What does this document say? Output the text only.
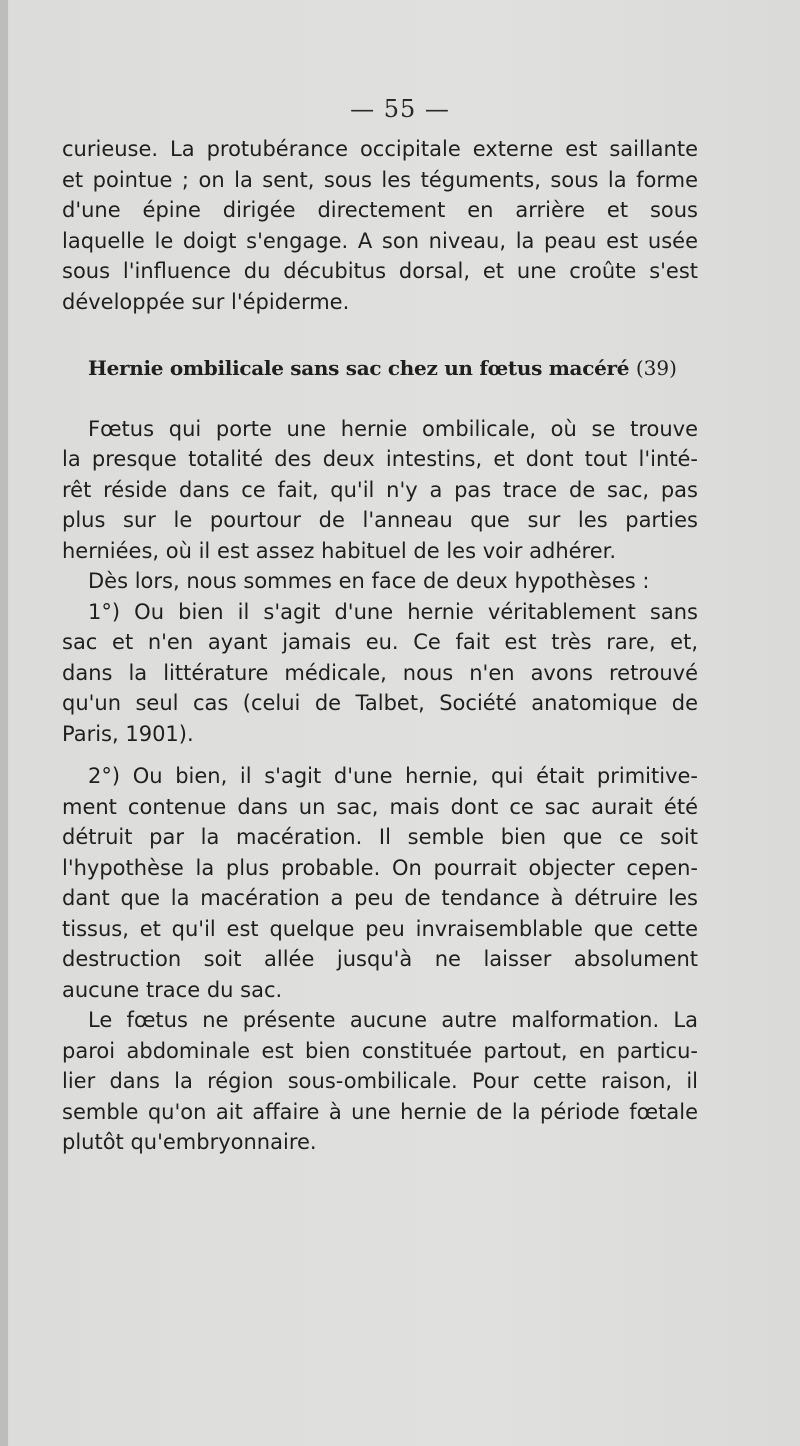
— 55 —
curieuse. La protubérance occipitale externe est saillante
et pointue ; on la sent, sous les téguments, sous la forme
d'une épine dirigée directement en arrière et sous
laquelle le doigt s'engage. A son niveau, la peau est usée
sous l'influence du décubitus dorsal, et une croûte s'est
développée sur l'épiderme.
Hernie ombilicale sans sac chez un fœtus macéré (39)
Fœtus qui porte une hernie ombilicale, où se trouve
la presque totalité des deux intestins, et dont tout l'inté-
rêt réside dans ce fait, qu'il n'y a pas trace de sac, pas
plus sur le pourtour de l'anneau que sur les parties
herniées, où il est assez habituel de les voir adhérer.
Dès lors, nous sommes en face de deux hypothèses :
1°) Ou bien il s'agit d'une hernie véritablement sans
sac et n'en ayant jamais eu. Ce fait est très rare, et,
dans la littérature médicale, nous n'en avons retrouvé
qu'un seul cas (celui de Talbet, Société anatomique de
Paris, 1901).
2°) Ou bien, il s'agit d'une hernie, qui était primitive-
ment contenue dans un sac, mais dont ce sac aurait été
détruit par la macération. Il semble bien que ce soit
l'hypothèse la plus probable. On pourrait objecter cepen-
dant que la macération a peu de tendance à détruire les
tissus, et qu'il est quelque peu invraisemblable que cette
destruction soit allée jusqu'à ne laisser absolument
aucune trace du sac.
Le fœtus ne présente aucune autre malformation. La
paroi abdominale est bien constituée partout, en particu-
lier dans la région sous-ombilicale. Pour cette raison, il
semble qu'on ait affaire à une hernie de la période fœtale
plutôt qu'embryonnaire.
